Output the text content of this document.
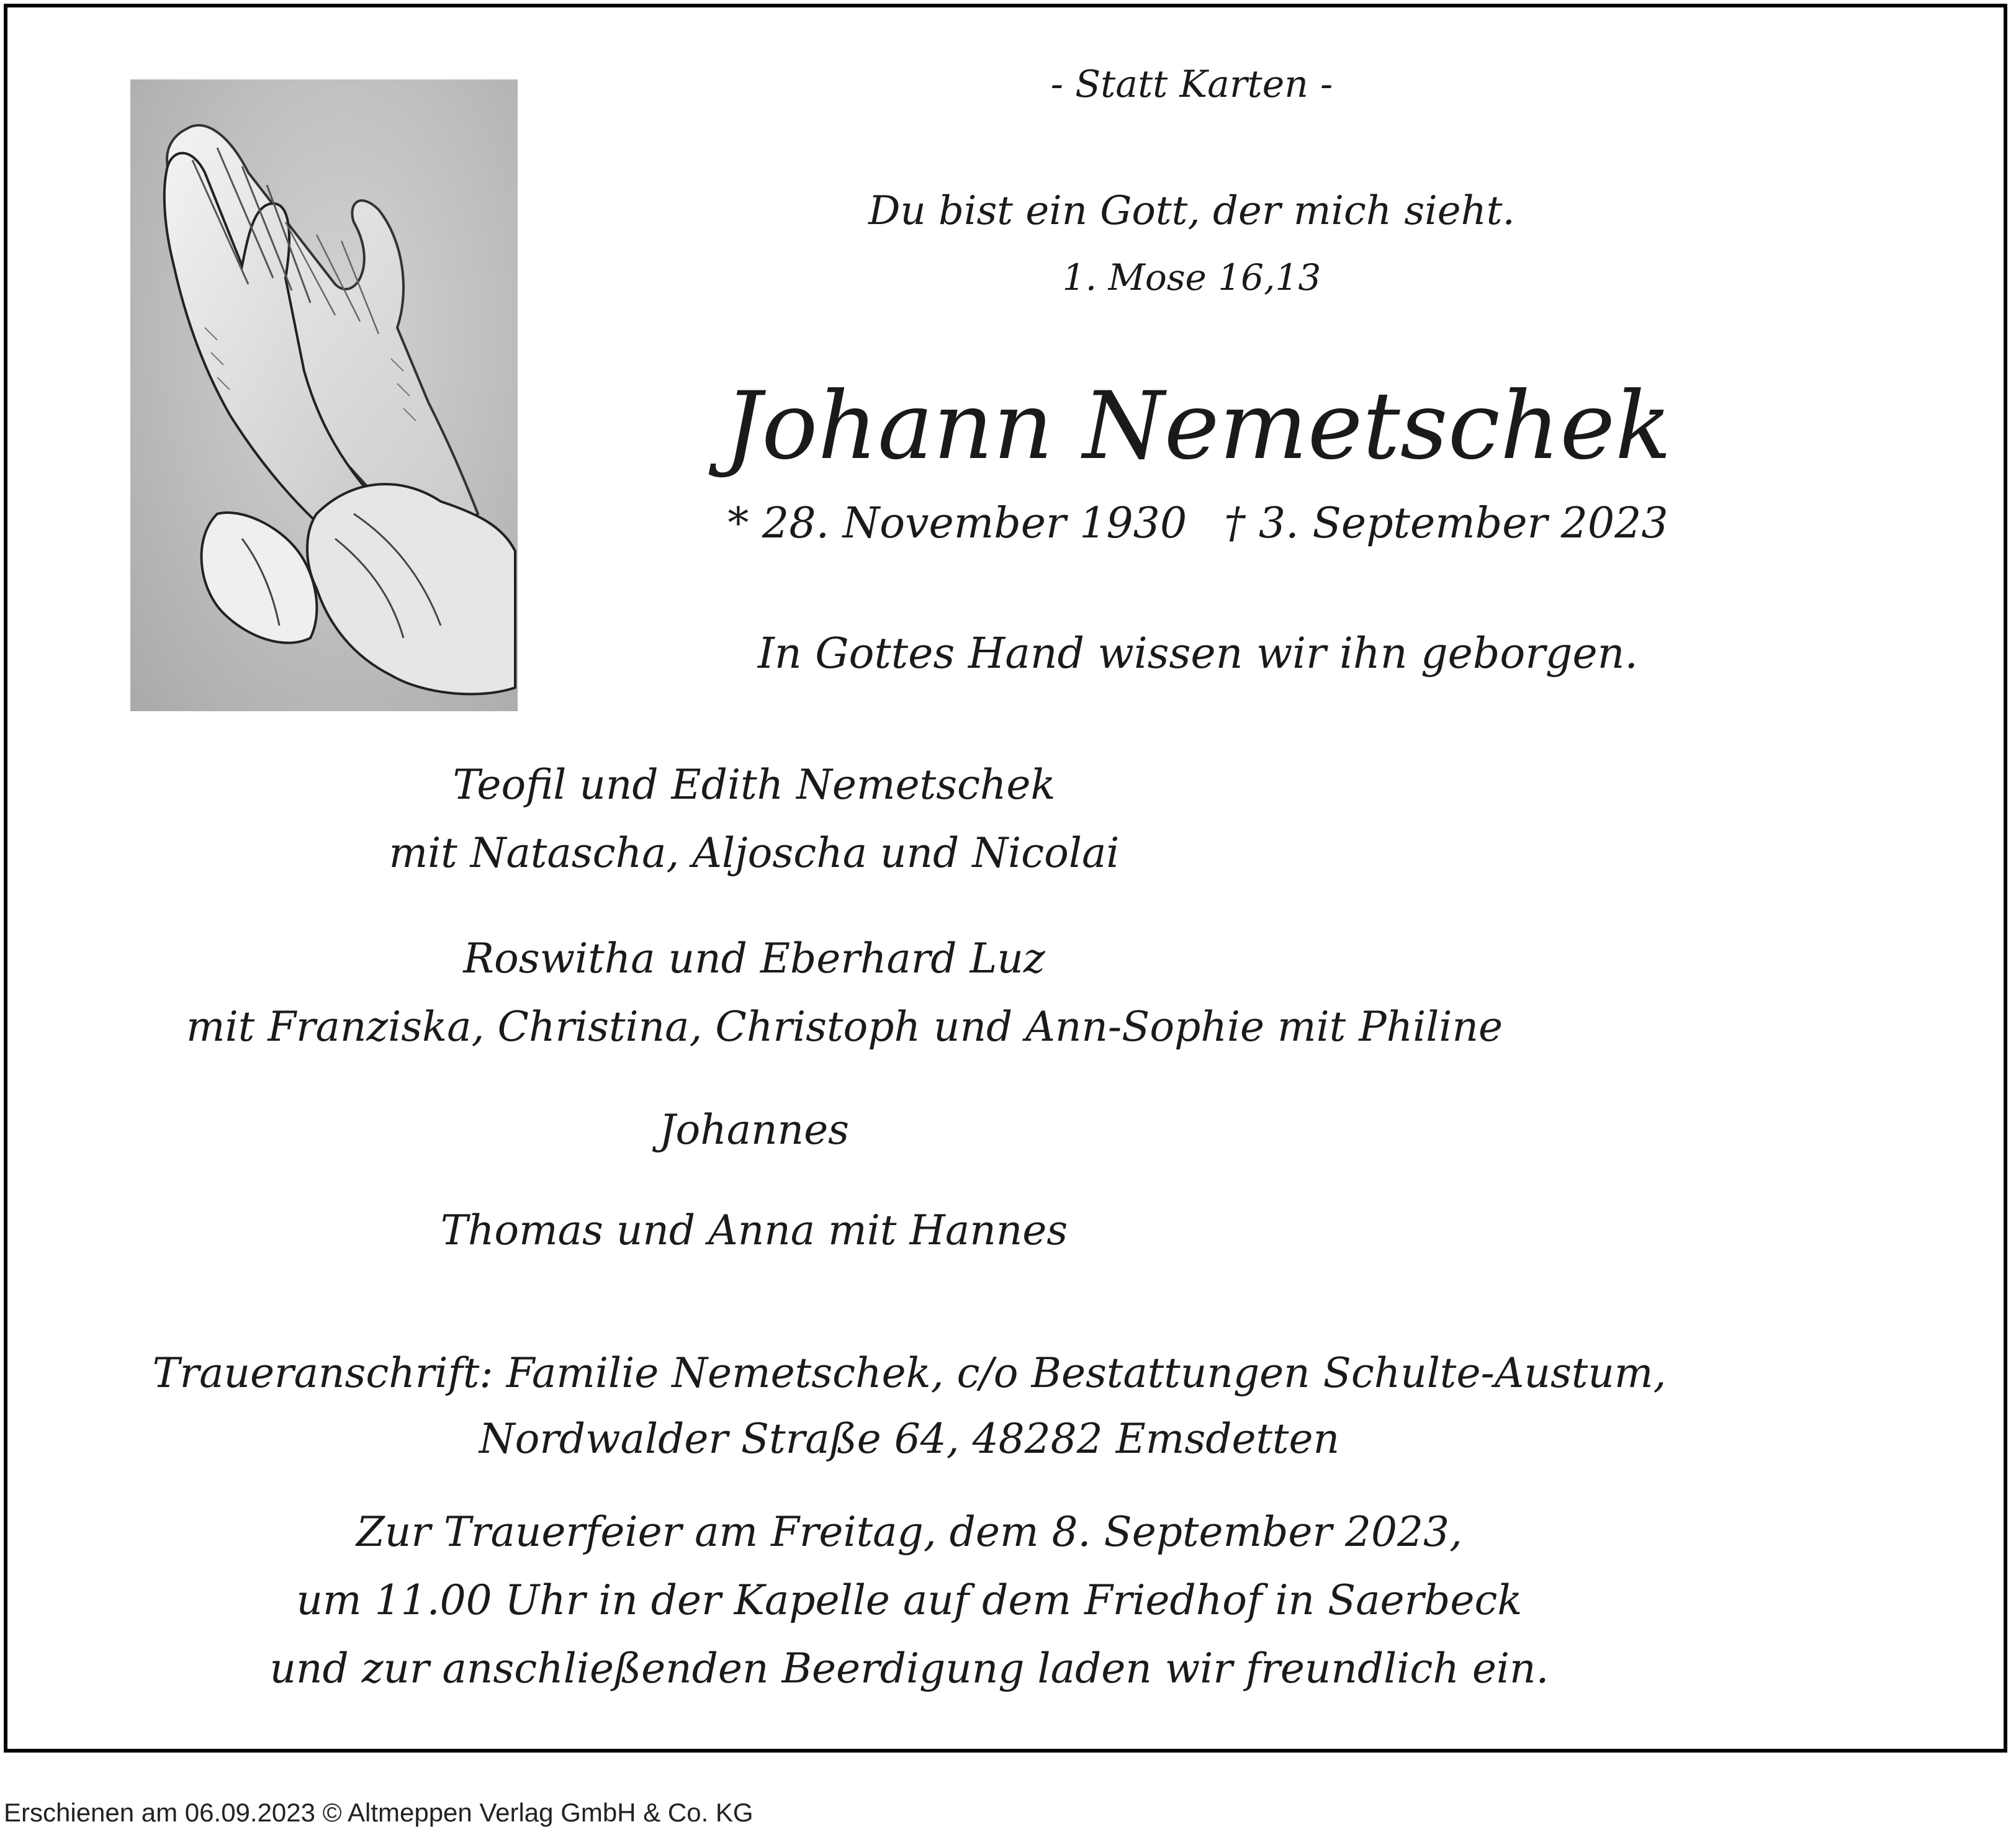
- Statt Karten -
Du bist ein Gott, der mich sieht.
1. Mose 16,13
Johann Nemetschek
* 28. November 1930 † 3. September 2023
In Gottes Hand wissen wir ihn geborgen.
Teofil und Edith Nemetschek
mit Natascha, Aljoscha und Nicolai
Roswitha und Eberhard Luz
mit Franziska, Christina, Christoph und Ann-Sophie mit Philine
Johannes
Thomas und Anna mit Hannes
Traueranschrift: Familie Nemetschek, c/o Bestattungen Schulte-Austum,
Nordwalder Straße 64, 48282 Emsdetten
Zur Trauerfeier am Freitag, dem 8. September 2023,
um 11.00 Uhr in der Kapelle auf dem Friedhof in Saerbeck
und zur anschließenden Beerdigung laden wir freundlich ein.
Erschienen am 06.09.2023 © Altmeppen Verlag GmbH & Co. KG
